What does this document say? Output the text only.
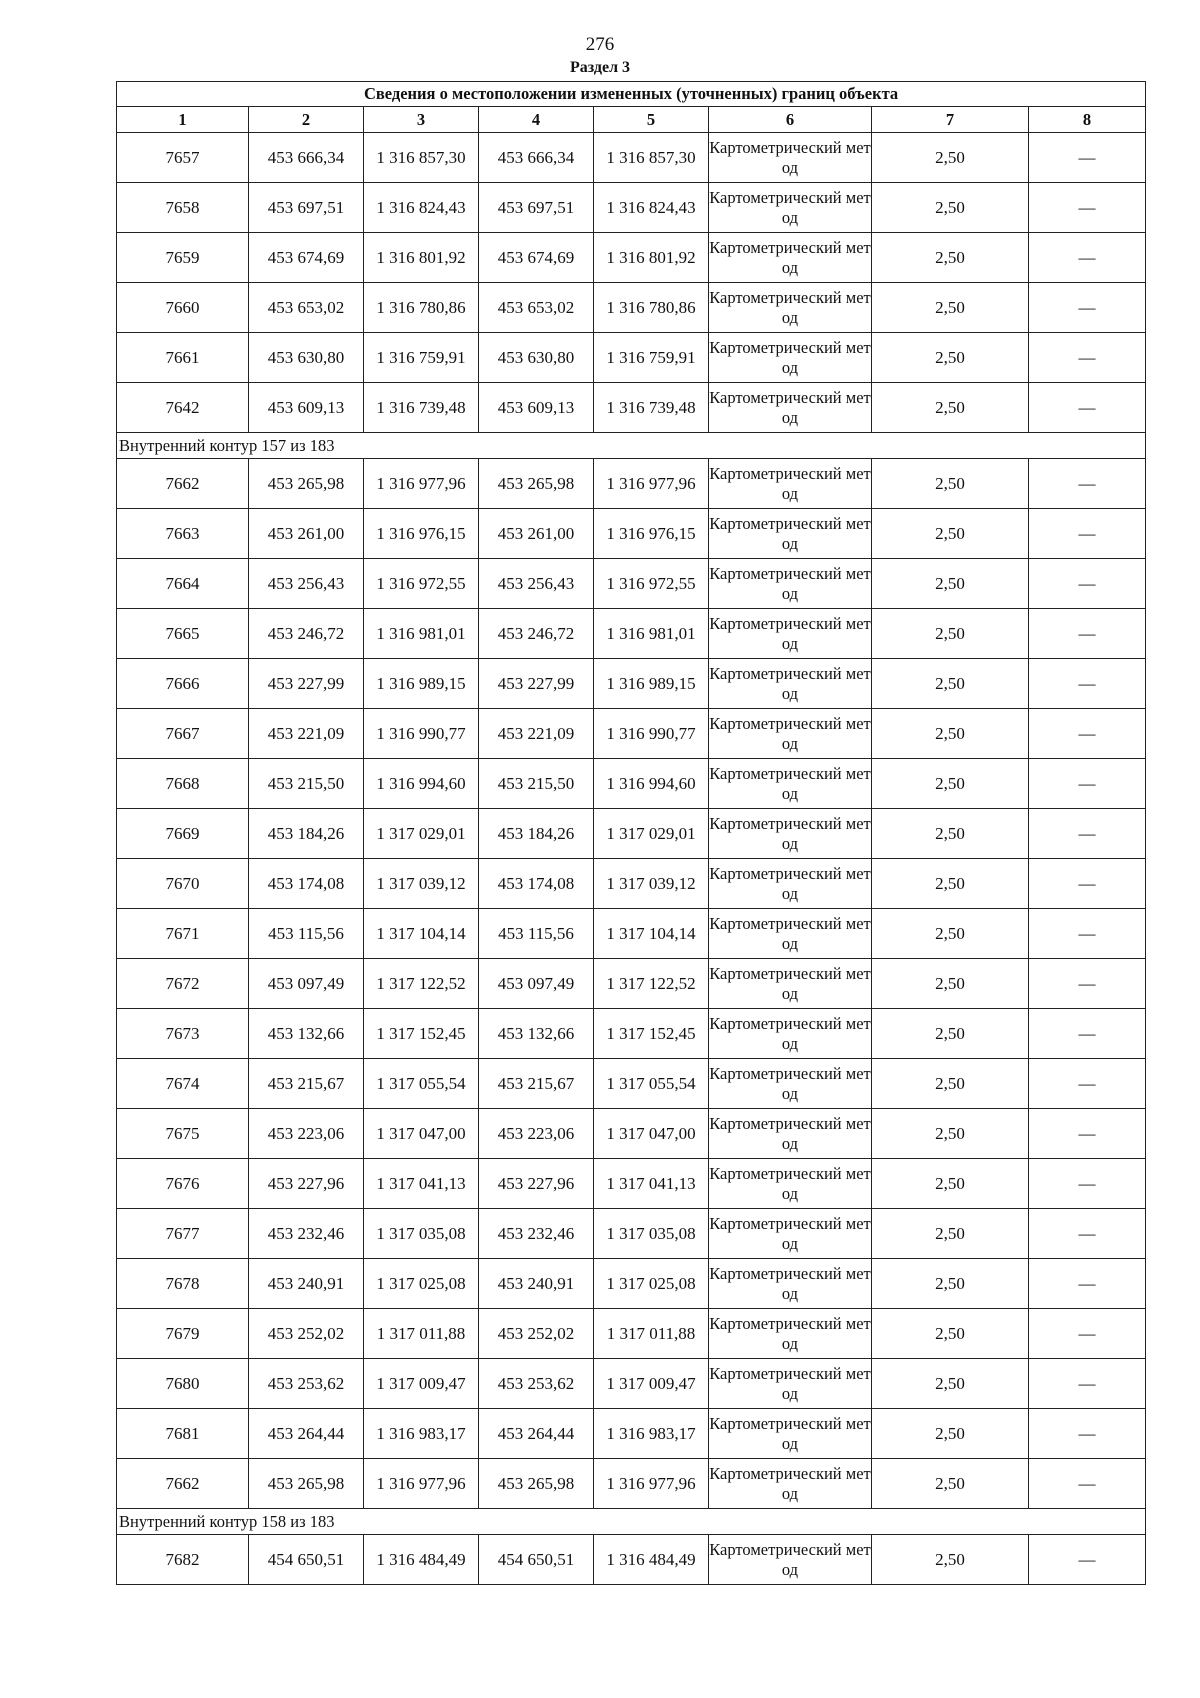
276
Раздел 3
Сведения о местоположении измененных (уточненных) границ объекта							
1	2	3	4	5	6	7	8
7657	453 666,34	1 316 857,30	453 666,34	1 316 857,30	Картометрический метод	2,50	—
7658	453 697,51	1 316 824,43	453 697,51	1 316 824,43	Картометрический метод	2,50	—
7659	453 674,69	1 316 801,92	453 674,69	1 316 801,92	Картометрический метод	2,50	—
7660	453 653,02	1 316 780,86	453 653,02	1 316 780,86	Картометрический метод	2,50	—
7661	453 630,80	1 316 759,91	453 630,80	1 316 759,91	Картометрический метод	2,50	—
7642	453 609,13	1 316 739,48	453 609,13	1 316 739,48	Картометрический метод	2,50	—
Внутренний контур 157 из 183							
7662	453 265,98	1 316 977,96	453 265,98	1 316 977,96	Картометрический метод	2,50	—
7663	453 261,00	1 316 976,15	453 261,00	1 316 976,15	Картометрический метод	2,50	—
7664	453 256,43	1 316 972,55	453 256,43	1 316 972,55	Картометрический метод	2,50	—
7665	453 246,72	1 316 981,01	453 246,72	1 316 981,01	Картометрический метод	2,50	—
7666	453 227,99	1 316 989,15	453 227,99	1 316 989,15	Картометрический метод	2,50	—
7667	453 221,09	1 316 990,77	453 221,09	1 316 990,77	Картометрический метод	2,50	—
7668	453 215,50	1 316 994,60	453 215,50	1 316 994,60	Картометрический метод	2,50	—
7669	453 184,26	1 317 029,01	453 184,26	1 317 029,01	Картометрический метод	2,50	—
7670	453 174,08	1 317 039,12	453 174,08	1 317 039,12	Картометрический метод	2,50	—
7671	453 115,56	1 317 104,14	453 115,56	1 317 104,14	Картометрический метод	2,50	—
7672	453 097,49	1 317 122,52	453 097,49	1 317 122,52	Картометрический метод	2,50	—
7673	453 132,66	1 317 152,45	453 132,66	1 317 152,45	Картометрический метод	2,50	—
7674	453 215,67	1 317 055,54	453 215,67	1 317 055,54	Картометрический метод	2,50	—
7675	453 223,06	1 317 047,00	453 223,06	1 317 047,00	Картометрический метод	2,50	—
7676	453 227,96	1 317 041,13	453 227,96	1 317 041,13	Картометрический метод	2,50	—
7677	453 232,46	1 317 035,08	453 232,46	1 317 035,08	Картометрический метод	2,50	—
7678	453 240,91	1 317 025,08	453 240,91	1 317 025,08	Картометрический метод	2,50	—
7679	453 252,02	1 317 011,88	453 252,02	1 317 011,88	Картометрический метод	2,50	—
7680	453 253,62	1 317 009,47	453 253,62	1 317 009,47	Картометрический метод	2,50	—
7681	453 264,44	1 316 983,17	453 264,44	1 316 983,17	Картометрический метод	2,50	—
7662	453 265,98	1 316 977,96	453 265,98	1 316 977,96	Картометрический метод	2,50	—
Внутренний контур 158 из 183							
7682	454 650,51	1 316 484,49	454 650,51	1 316 484,49	Картометрический метод	2,50	—
